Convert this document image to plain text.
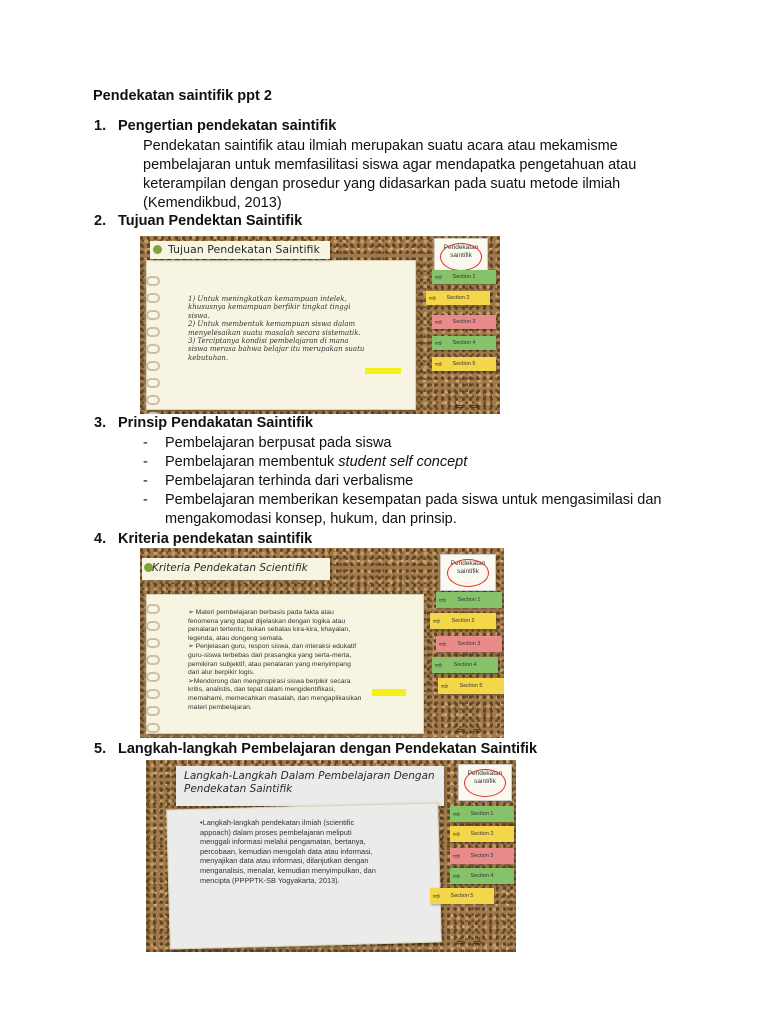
Pendekatan saintifik ppt 2
1. Pengertian pendekatan saintifik
Pendekatan saintifik atau ilmiah merupakan suatu acara atau mekamisme
pembelajaran untuk memfasilitasi siswa agar mendapatka pengetahuan atau
keterampilan dengan prosedur yang didasarkan pada suatu metode ilmiah
(Kemendikbud, 2013)
2. Tujuan Pendektan Saintifik
Tujuan Pendekatan Saintifik
1) Untuk meningkatkan kemampuan intelek,
khususnya kemampuan berfikir tingkat tinggi
siswa.
2) Untuk membentuk kemampuan siswa dalam
menyelesaikan suatu masalah secara sistematik.
3) Terciptanya kondisi pembelajaran di mana
siswa merasa bahwa belajar itu merupakan suatu
kebutuhan.
Pendekatan
saintifik
⇨	Section 1
⇨	Section 2
⇨	Section 3
⇨	Section 4
⇨	Section 5
⇦⇨
3. Prinsip Pendakatan Saintifik
- Pembelajaran berpusat pada siswa
- Pembelajaran membentuk student self concept
- Pembelajaran terhinda dari verbalisme
- Pembelajaran memberikan kesempatan pada siswa untuk mengasimilasi dan mengakomodasi konsep, hukum, dan prinsip.
4. Kriteria pendekatan saintifik
Kriteria Pendekatan Scientifik
➢ Materi pembelajaran berbasis pada fakta atau
fenomena yang dapat dijelaskan dengan logika atau
penalaran tertentu; bukan sebatas kira-kira, khayalan,
legenda, atau dongeng semata.
➢ Penjelasan guru, respon siswa, dan interaksi edukatif
guru-siswa terbebas dari prasangka yang serta-merta,
pemikiran subjektif, atau penalaran yang menyimpang
dari alur berpikir logis.
➢Mendorong dan menginspirasi siswa berpikir secara
kritis, analistis, dan tepat dalam mengidentifikasi,
memahami, memecahkan masalah, dan mengaplikasikan
materi pembelajaran.
Pendekatan
saintifik
⇨	Section 1
⇨	Section 2
⇨	Section 3
⇨	Section 4
⇨	Section 5
⇦⇨
5. Langkah-langkah Pembelajaran dengan Pendekatan Saintifik
Langkah-Langkah Dalam Pembelajaran Dengan
Pendekatan Saintifik
•Langkah-langkah pendekatan ilmiah (scientific
appoach) dalam proses pembelajaran meliputi
menggali informasi melalui pengamatan, bertanya,
percobaan, kemudian mengolah data atau informasi,
menyajikan data atau informasi, dilanjutkan dengan
menganalisis, menalar, kemudian menyimpulkan, dan
mencipta (PPPPTK-SB Yogyakarta, 2013).
Pendekatan
saintifik
⇨	Section 1
⇨	Section 2
⇨	Section 3
⇨	Section 4
⇨	Section 5
⇦⇨
